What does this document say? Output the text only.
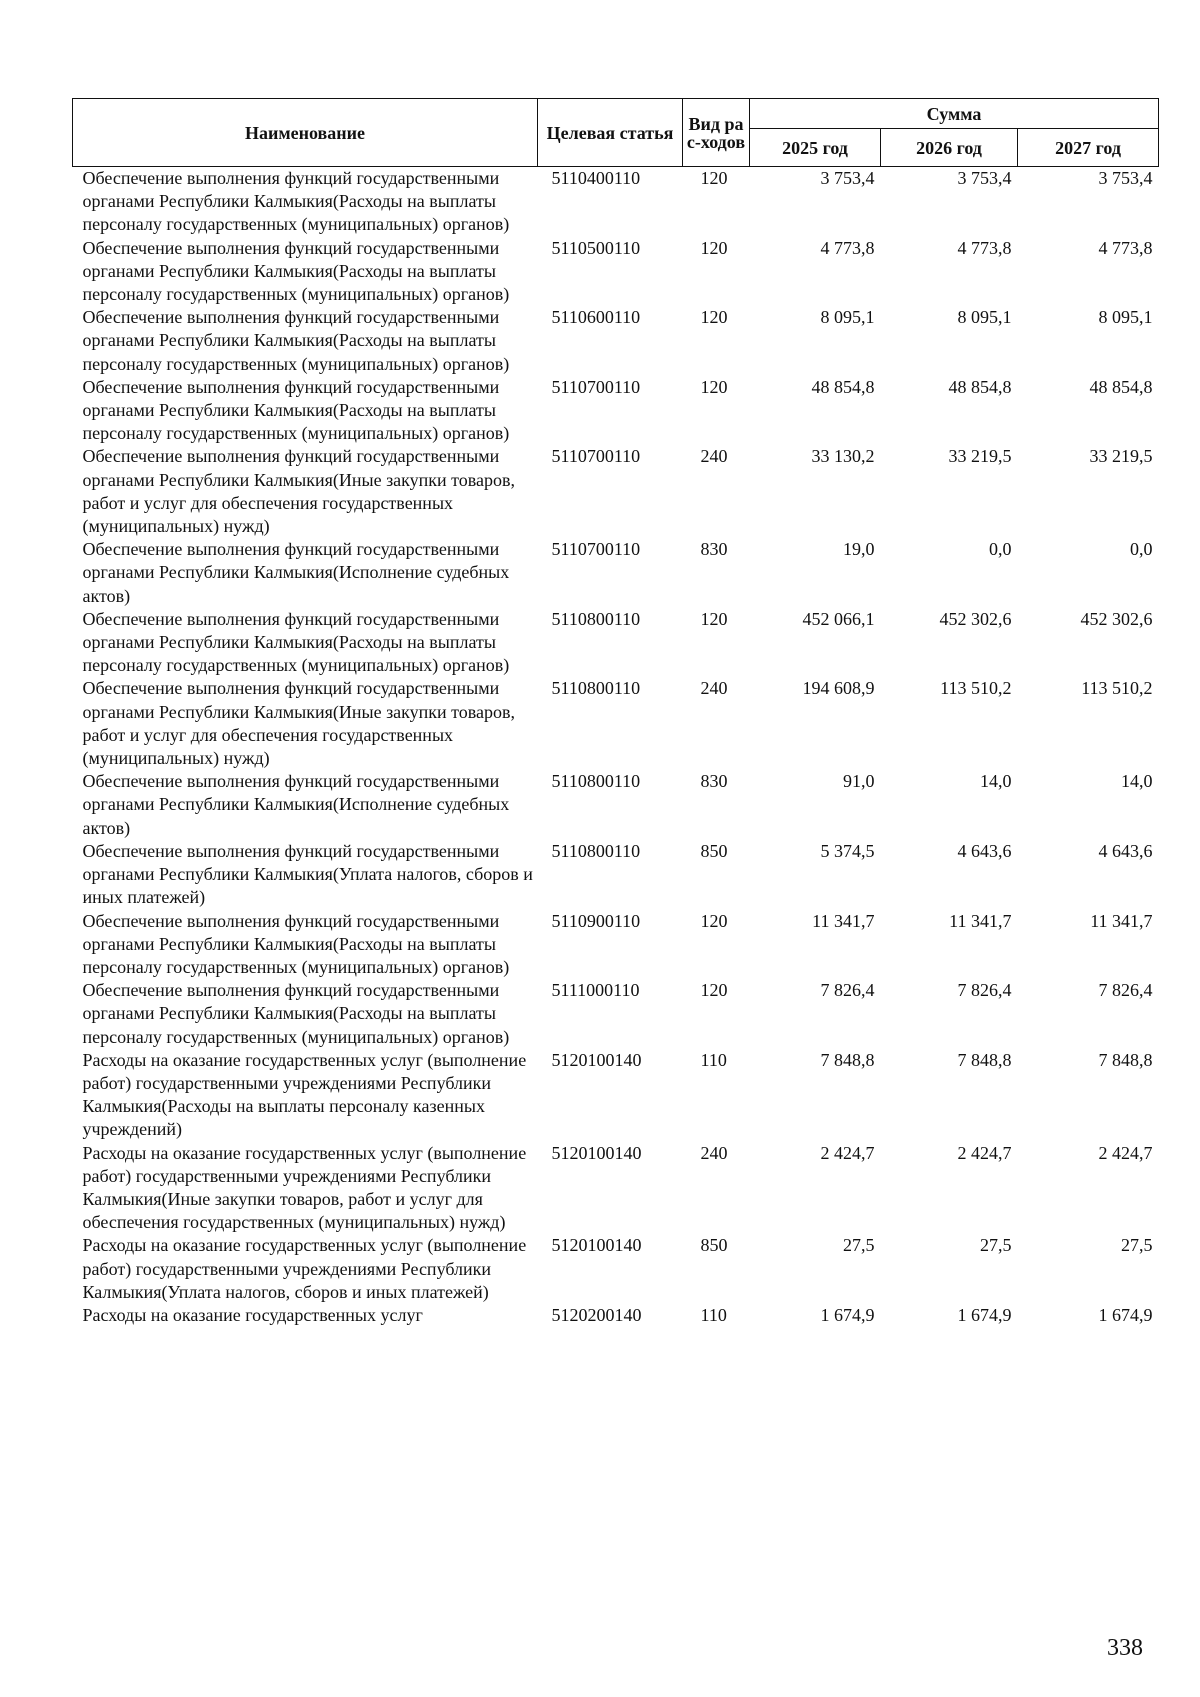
Наименование	Целевая статья	Вид рас-ходов	Сумма		
			2025 год	2026 год	2027 год
Обеспечение выполнения функций государственными органами Республики Калмыкия(Расходы на выплаты персоналу государственных (муниципальных) органов)	5110400110	120	3 753,4	3 753,4	3 753,4
Обеспечение выполнения функций государственными органами Республики Калмыкия(Расходы на выплаты персоналу государственных (муниципальных) органов)	5110500110	120	4 773,8	4 773,8	4 773,8
Обеспечение выполнения функций государственными органами Республики Калмыкия(Расходы на выплаты персоналу государственных (муниципальных) органов)	5110600110	120	8 095,1	8 095,1	8 095,1
Обеспечение выполнения функций государственными органами Республики Калмыкия(Расходы на выплаты персоналу государственных (муниципальных) органов)	5110700110	120	48 854,8	48 854,8	48 854,8
Обеспечение выполнения функций государственными органами Республики Калмыкия(Иные закупки товаров, работ и услуг для обеспечения государственных (муниципальных) нужд)	5110700110	240	33 130,2	33 219,5	33 219,5
Обеспечение выполнения функций государственными органами Республики Калмыкия(Исполнение судебных актов)	5110700110	830	19,0	0,0	0,0
Обеспечение выполнения функций государственными органами Республики Калмыкия(Расходы на выплаты персоналу государственных (муниципальных) органов)	5110800110	120	452 066,1	452 302,6	452 302,6
Обеспечение выполнения функций государственными органами Республики Калмыкия(Иные закупки товаров, работ и услуг для обеспечения государственных (муниципальных) нужд)	5110800110	240	194 608,9	113 510,2	113 510,2
Обеспечение выполнения функций государственными органами Республики Калмыкия(Исполнение судебных актов)	5110800110	830	91,0	14,0	14,0
Обеспечение выполнения функций государственными органами Республики Калмыкия(Уплата налогов, сборов и иных платежей)	5110800110	850	5 374,5	4 643,6	4 643,6
Обеспечение выполнения функций государственными органами Республики Калмыкия(Расходы на выплаты персоналу государственных (муниципальных) органов)	5110900110	120	11 341,7	11 341,7	11 341,7
Обеспечение выполнения функций государственными органами Республики Калмыкия(Расходы на выплаты персоналу государственных (муниципальных) органов)	5111000110	120	7 826,4	7 826,4	7 826,4
Расходы на оказание государственных услуг (выполнение работ) государственными учреждениями Республики Калмыкия(Расходы на выплаты персоналу казенных учреждений)	5120100140	110	7 848,8	7 848,8	7 848,8
Расходы на оказание государственных услуг (выполнение работ) государственными учреждениями Республики Калмыкия(Иные закупки товаров, работ и услуг для обеспечения государственных (муниципальных) нужд)	5120100140	240	2 424,7	2 424,7	2 424,7
Расходы на оказание государственных услуг (выполнение работ) государственными учреждениями Республики Калмыкия(Уплата налогов, сборов и иных платежей)	5120100140	850	27,5	27,5	27,5
Расходы на оказание государственных услуг	5120200140	110	1 674,9	1 674,9	1 674,9
338
